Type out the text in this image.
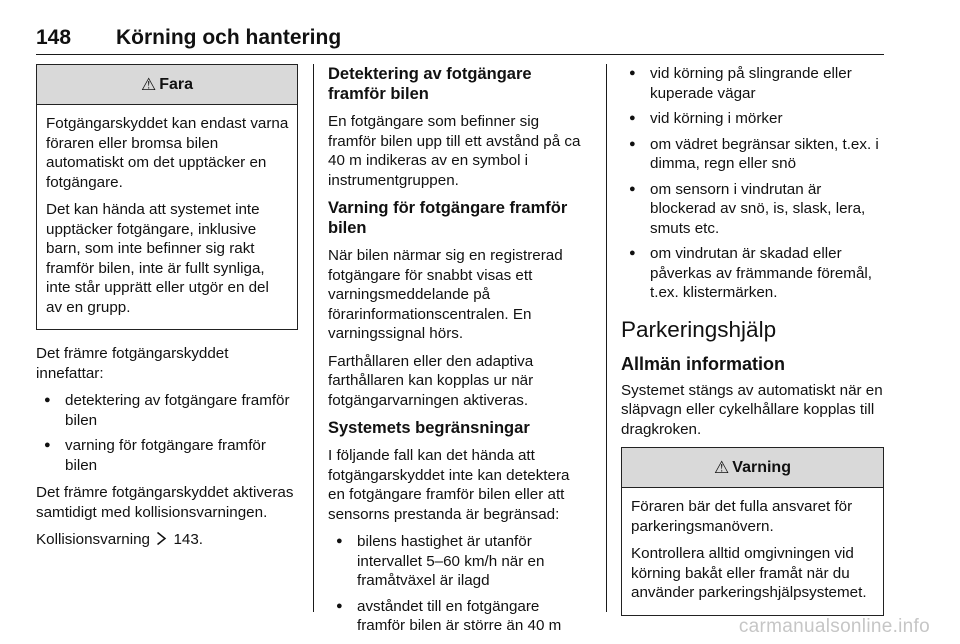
148 Körning och hantering
⚠ Fara

Fotgängarskyddet kan endast varna föraren eller bromsa bilen automatiskt om det upptäcker en fotgängare.

Det kan hända att systemet inte upptäcker fotgängare, inklusive barn, som inte befinner sig rakt framför bilen, inte är fullt synliga, inte står upprätt eller utgör en del av en grupp.

Det främre fotgängarskyddet innefattar:

● detektering av fotgängare framför bilen
● varning för fotgängare framför bilen

Det främre fotgängarskyddet aktiveras samtidigt med kollisionsvarningen.

Kollisionsvarning 143.

Detektering av fotgängare framför bilen

En fotgängare som befinner sig framför bilen upp till ett avstånd på ca 40 m indikeras av en symbol i instrumentgruppen.

Varning för fotgängare framför bilen

När bilen närmar sig en registrerad fotgängare för snabbt visas ett varningsmeddelande på förarinformationscentralen. En varningssignal hörs.

Farthållaren eller den adaptiva farthållaren kan kopplas ur när fotgängarvarningen aktiveras.

Systemets begränsningar

I följande fall kan det hända att fotgängarskyddet inte kan detektera en fotgängare framför bilen eller att sensorns prestanda är begränsad:

● bilens hastighet är utanför intervallet 5–60 km/h när en framåtväxel är ilagd
● avståndet till en fotgängare framför bilen är större än 40 m
● vid körning på slingrande eller kuperade vägar
● vid körning i mörker
● om vädret begränsar sikten, t.ex. i dimma, regn eller snö
● om sensorn i vindrutan är blockerad av snö, is, slask, lera, smuts etc.
● om vindrutan är skadad eller påverkas av främmande föremål, t.ex. klistermärken.
Parkeringshjälp
Allmän information

Systemet stängs av automatiskt när en släpvagn eller cykelhållare kopplas till dragkroken.

⚠ Varning

Föraren bär det fulla ansvaret för parkeringsmanövern.

Kontrollera alltid omgivningen vid körning bakåt eller framåt när du använder parkeringshjälpsystemet.

carmanualsonline.info
